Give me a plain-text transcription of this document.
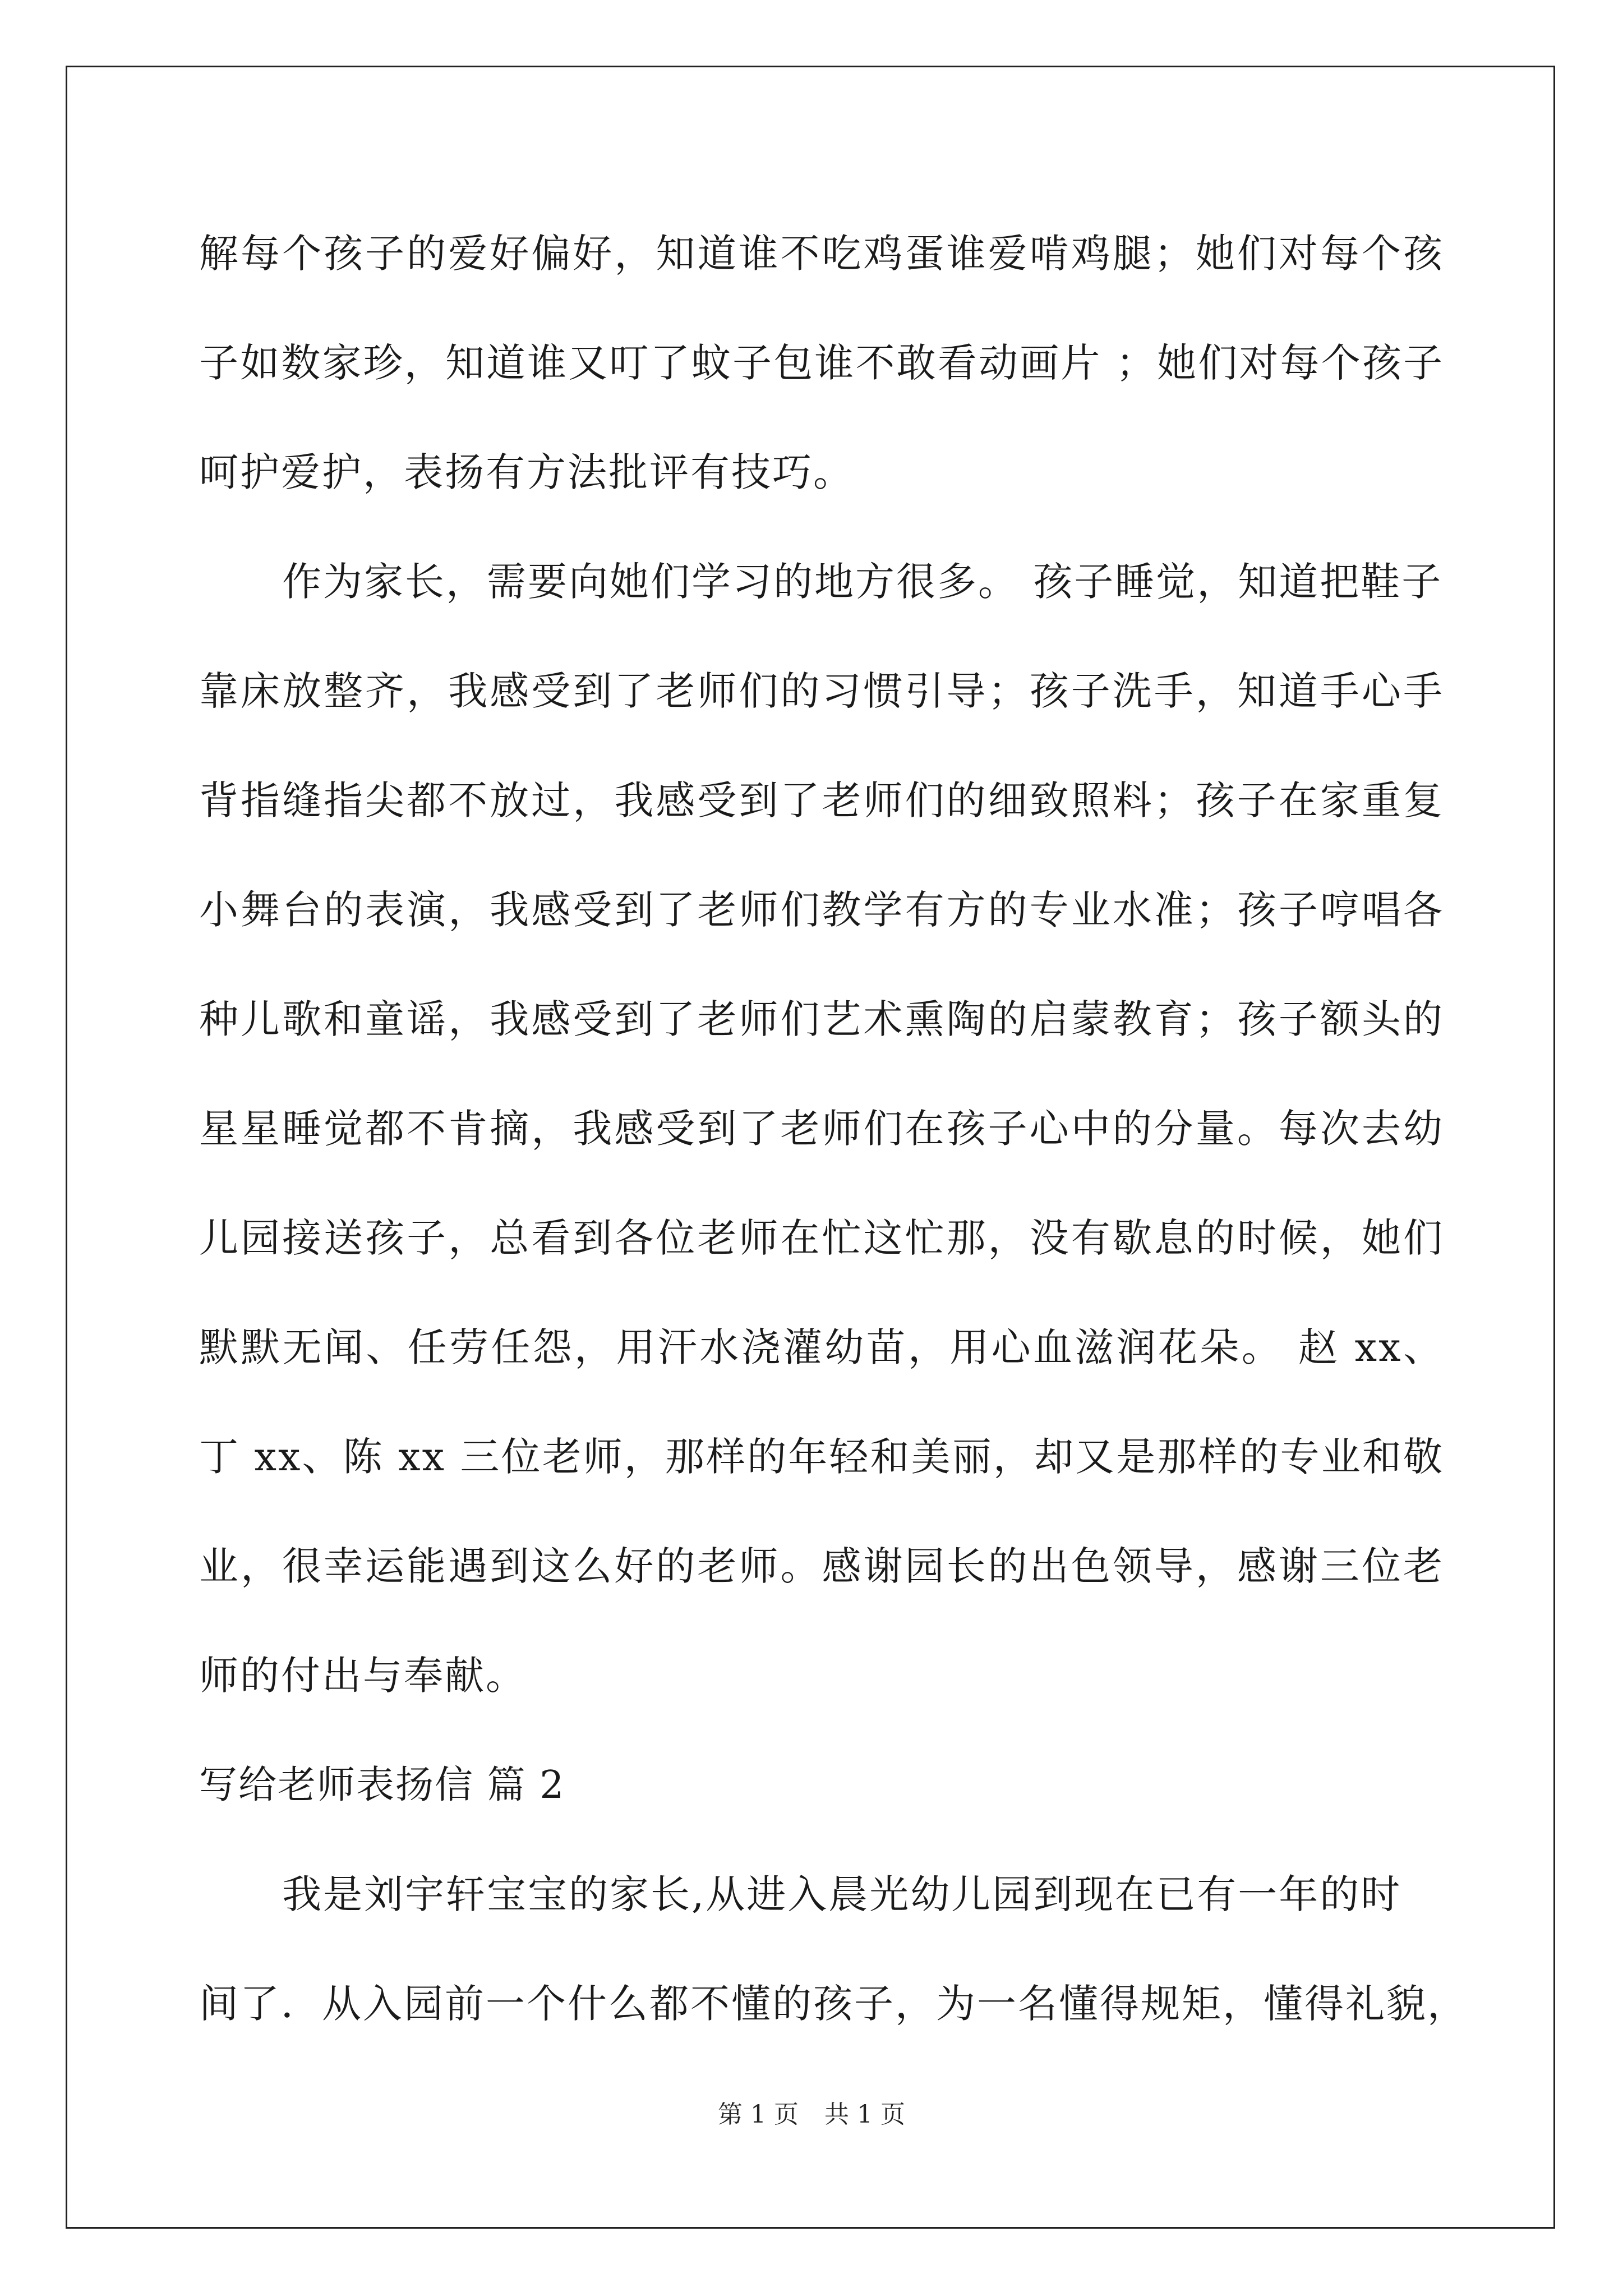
解每个孩子的爱好偏好，知道谁不吃鸡蛋谁爱啃鸡腿；她们对每个孩
子如数家珍，知道谁又叮了蚊子包谁不敢看动画片 ；她们对每个孩子
呵护爱护，表扬有方法批评有技巧。
作为家长，需要向她们学习的地方很多。 孩子睡觉，知道把鞋子
靠床放整齐，我感受到了老师们的习惯引导；孩子洗手，知道手心手
背指缝指尖都不放过，我感受到了老师们的细致照料；孩子在家重复
小舞台的表演，我感受到了老师们教学有方的专业水准；孩子哼唱各
种儿歌和童谣，我感受到了老师们艺术熏陶的启蒙教育；孩子额头的
星星睡觉都不肯摘，我感受到了老师们在孩子心中的分量。每次去幼
儿园接送孩子，总看到各位老师在忙这忙那，没有歇息的时候，她们
默默无闻、任劳任怨，用汗水浇灌幼苗，用心血滋润花朵。 赵 xx、
丁 xx、陈 xx 三位老师，那样的年轻和美丽，却又是那样的专业和敬
业，很幸运能遇到这么好的老师。感谢园长的出色领导，感谢三位老
师的付出与奉献。
写给老师表扬信 篇 2
我是刘宇轩宝宝的家长,从进入晨光幼儿园到现在已有一年的时
间了．从入园前一个什么都不懂的孩子，为一名懂得规矩，懂得礼貌，
第 1 页 共 1 页
